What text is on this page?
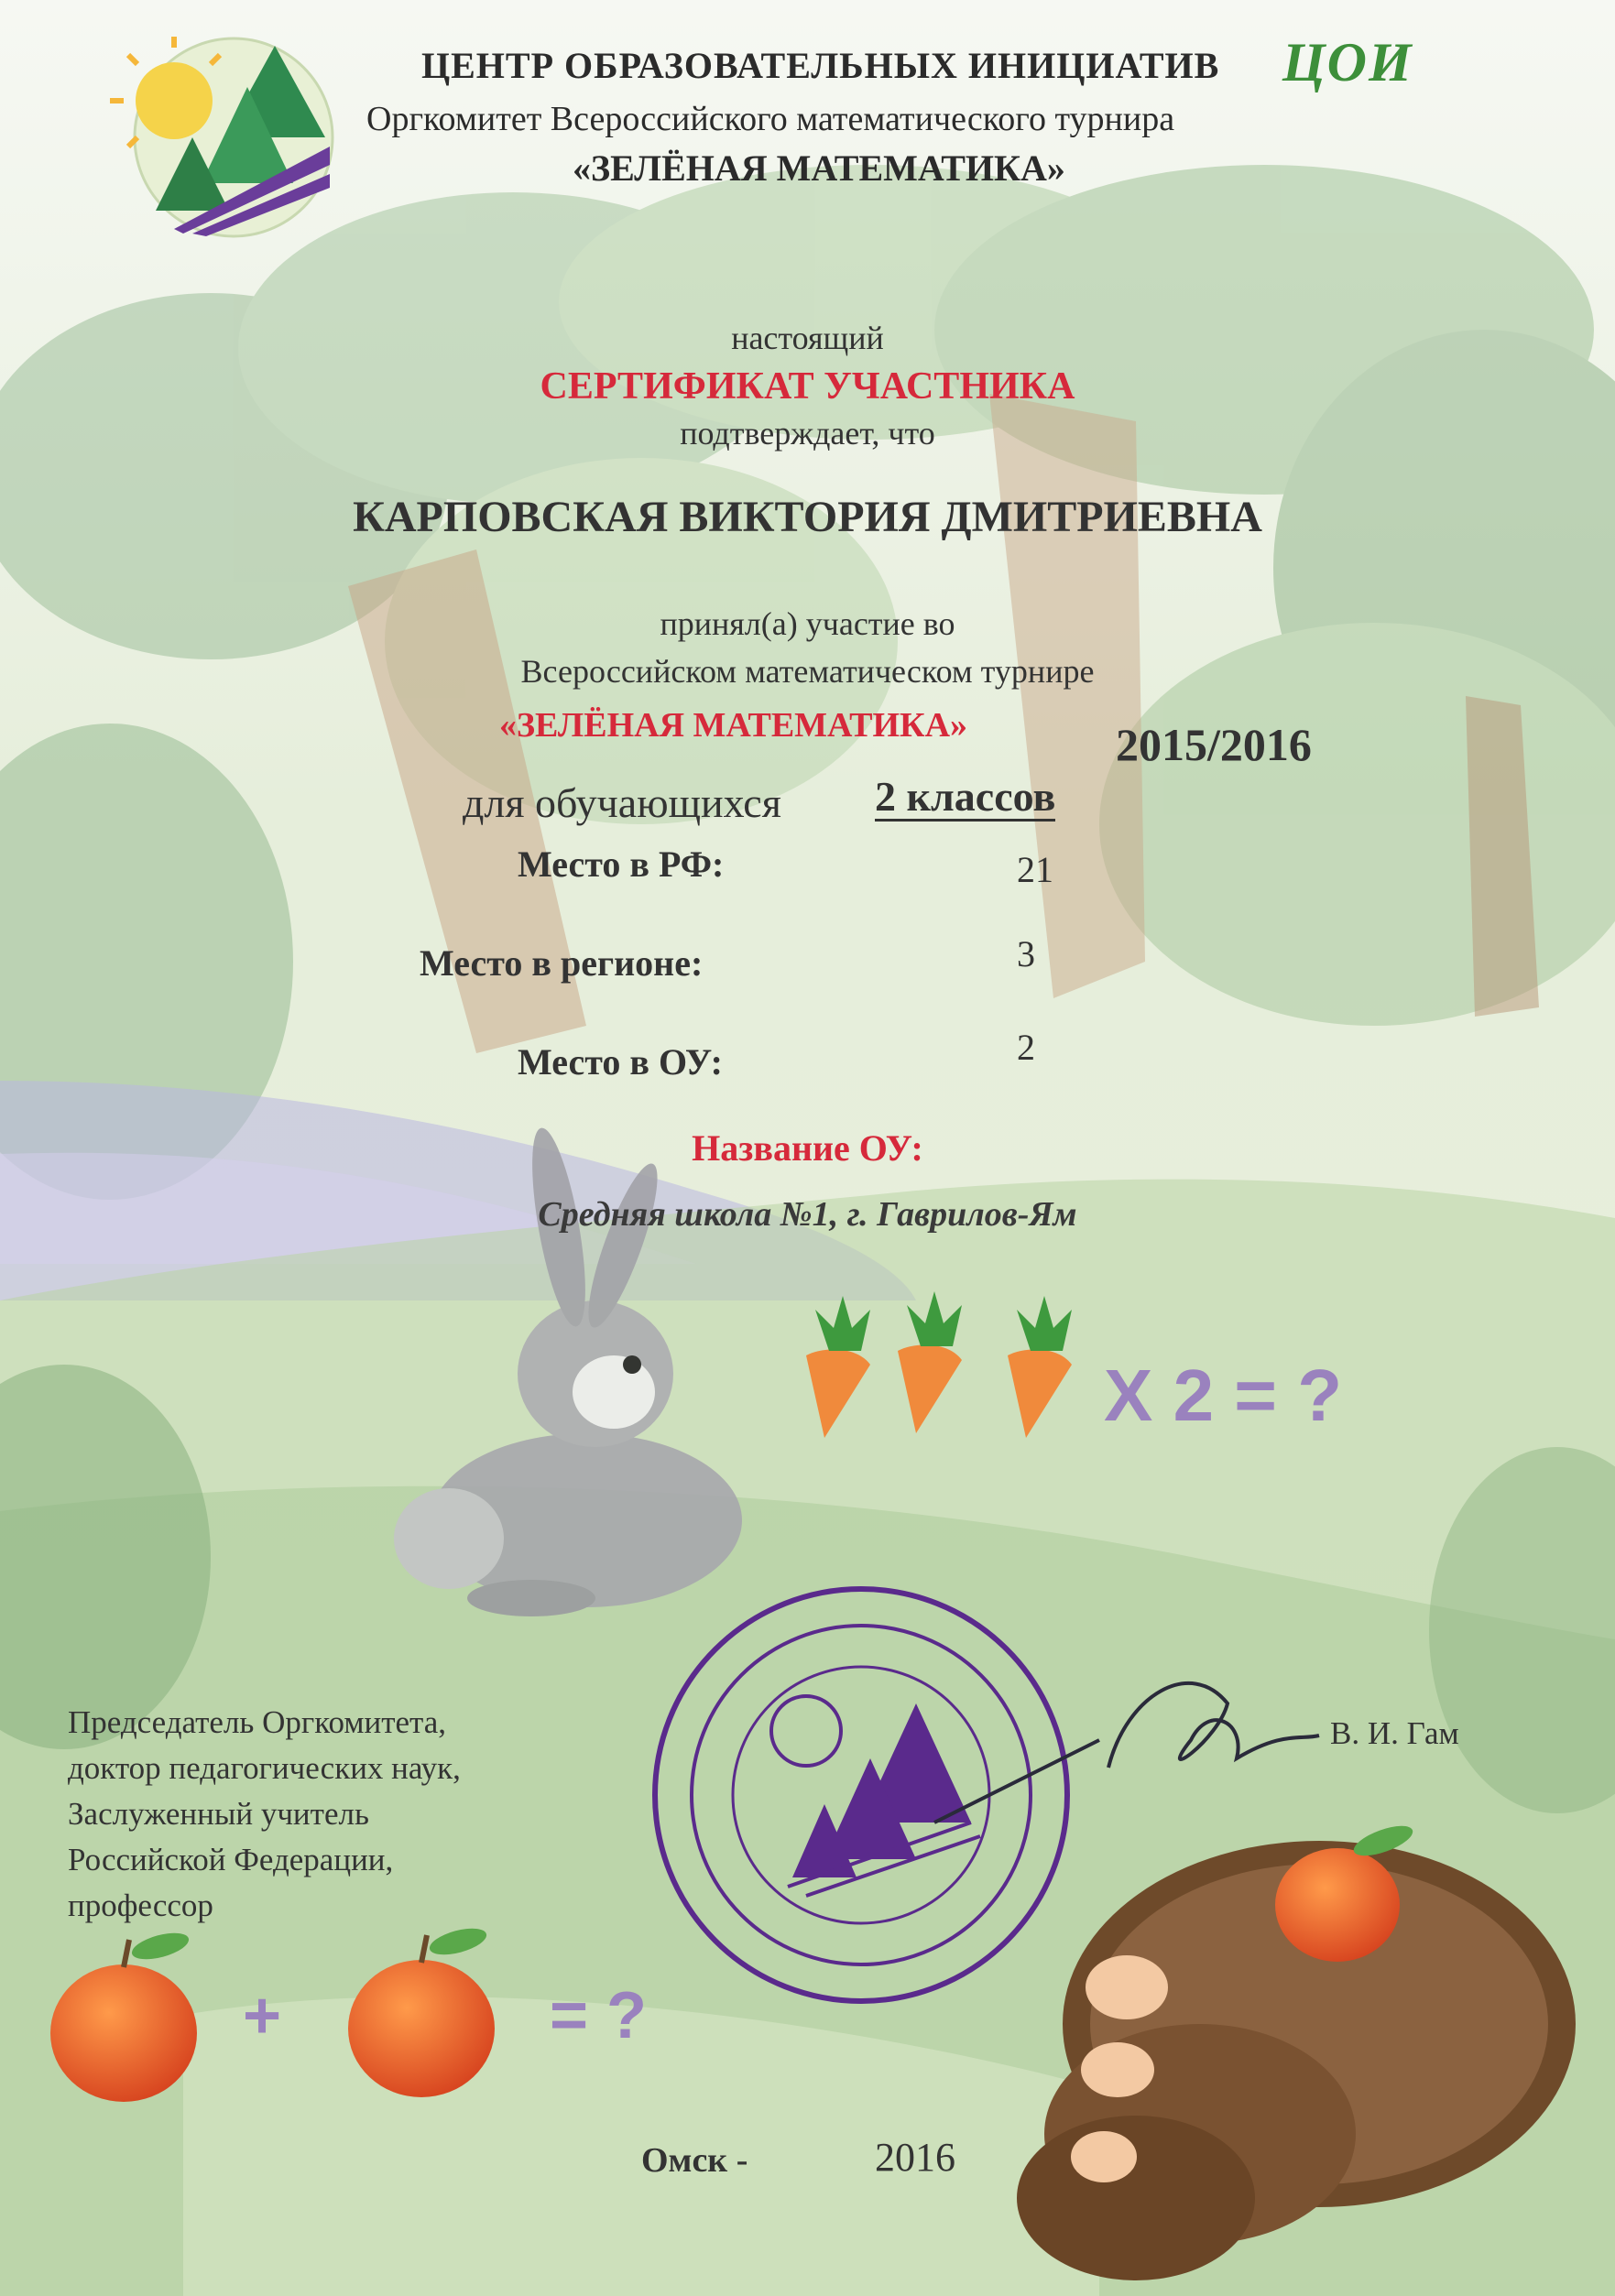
ЦЕНТР ОБРАЗОВАТЕЛЬНЫХ ИНИЦИАТИВ ЦОИ
Оргкомитет Всероссийского математического турнира
«ЗЕЛЁНАЯ МАТЕМАТИКА»
настоящий
СЕРТИФИКАТ УЧАСТНИКА
подтверждает, что
КАРПОВСКАЯ ВИКТОРИЯ ДМИТРИЕВНА
принял(а) участие во
Всероссийском математическом турнире
«ЗЕЛЁНАЯ МАТЕМАТИКА»	2015/2016
для обучающихся 2 классов
Место в РФ:	21
Место в регионе:	3
Место в ОУ:	2
Название ОУ:
Средняя школа №1, г. Гаврилов-Ям
X 2 = ?
+	= ?
Председатель Оргкомитета,
доктор педагогических наук,
Заслуженный учитель
Российской Федерации,
профессор
В. И. Гам
Омск -	2016
